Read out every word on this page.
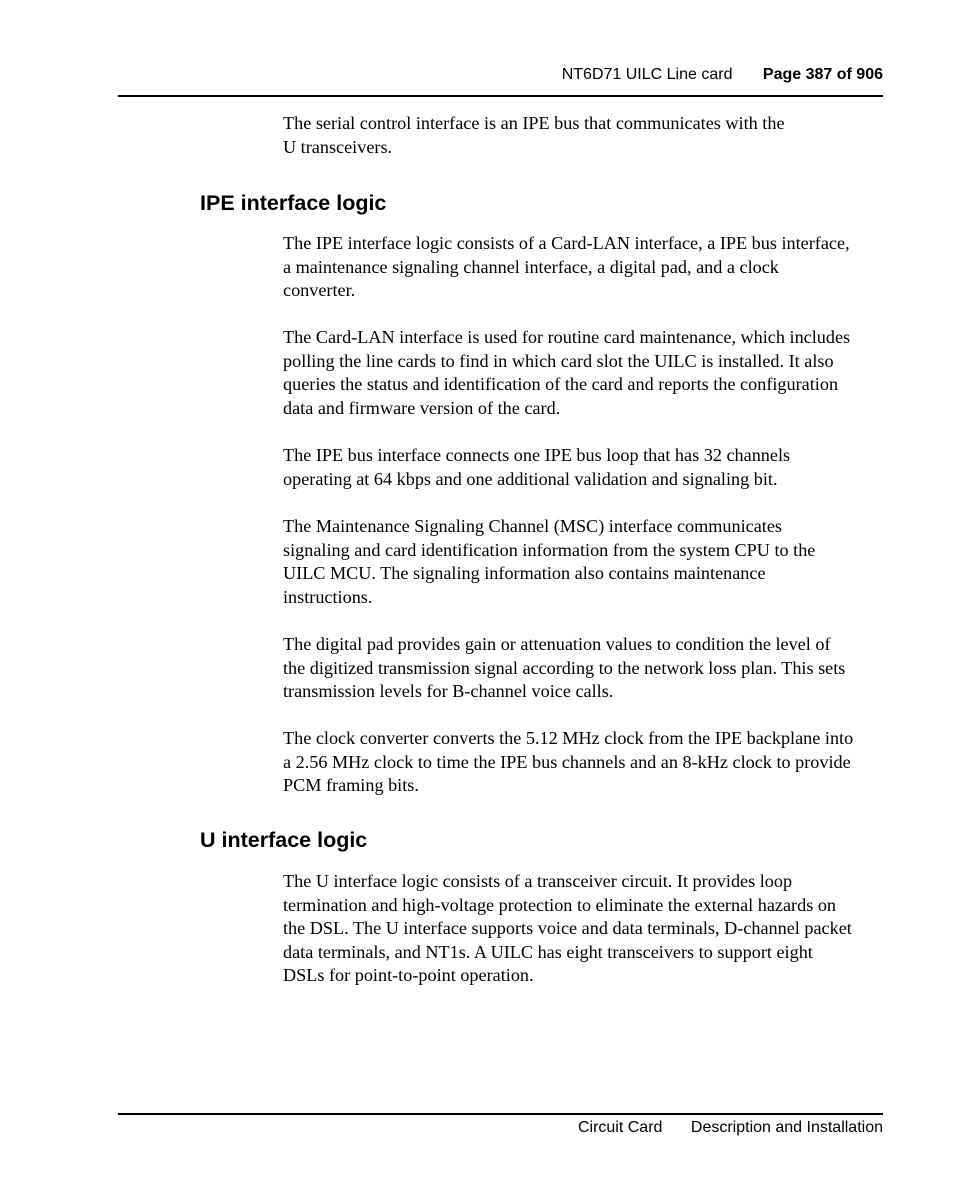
NT6D71 UILC Line card Page 387 of 906

The serial control interface is an IPE bus that communicates with the
U transceivers.

IPE interface logic

The IPE interface logic consists of a Card-LAN interface, a IPE bus interface,
a maintenance signaling channel interface, a digital pad, and a clock
converter.

The Card-LAN interface is used for routine card maintenance, which includes
polling the line cards to find in which card slot the UILC is installed. It also
queries the status and identification of the card and reports the configuration
data and firmware version of the card.

The IPE bus interface connects one IPE bus loop that has 32 channels
operating at 64 kbps and one additional validation and signaling bit.

The Maintenance Signaling Channel (MSC) interface communicates
signaling and card identification information from the system CPU to the
UILC MCU. The signaling information also contains maintenance
instructions.

The digital pad provides gain or attenuation values to condition the level of
the digitized transmission signal according to the network loss plan. This sets
transmission levels for B-channel voice calls.

The clock converter converts the 5.12 MHz clock from the IPE backplane into
a 2.56 MHz clock to time the IPE bus channels and an 8-kHz clock to provide
PCM framing bits.

U interface logic

The U interface logic consists of a transceiver circuit. It provides loop
termination and high-voltage protection to eliminate the external hazards on
the DSL. The U interface supports voice and data terminals, D-channel packet
data terminals, and NT1s. A UILC has eight transceivers to support eight
DSLs for point-to-point operation.

Circuit Card Description and Installation
